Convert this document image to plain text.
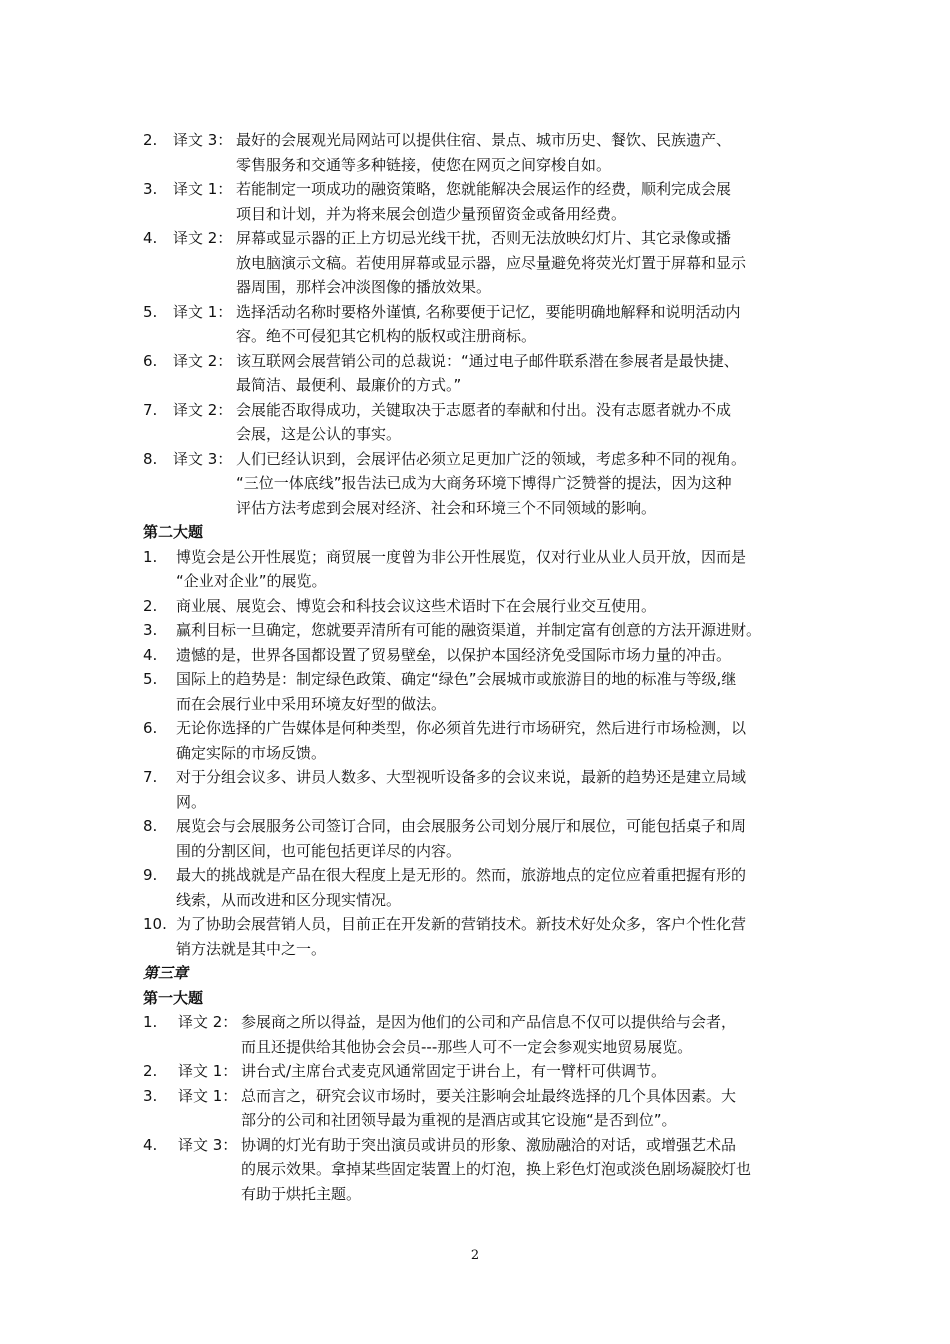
2. 译文 3： 最好的会展观光局网站可以提供住宿、景点、城市历史、餐饮、民族遗产、
零售服务和交通等多种链接，使您在网页之间穿梭自如。
3. 译文 1： 若能制定一项成功的融资策略，您就能解决会展运作的经费，顺利完成会展
项目和计划，并为将来展会创造少量预留资金或备用经费。
4. 译文 2： 屏幕或显示器的正上方切忌光线干扰，否则无法放映幻灯片、其它录像或播
放电脑演示文稿。若使用屏幕或显示器，应尽量避免将荧光灯置于屏幕和显示
器周围，那样会冲淡图像的播放效果。
5. 译文 1： 选择活动名称时要格外谨慎, 名称要便于记忆，要能明确地解释和说明活动内
容。绝不可侵犯其它机构的版权或注册商标。
6. 译文 2： 该互联网会展营销公司的总裁说：“通过电子邮件联系潜在参展者是最快捷、
最简洁、最便利、最廉价的方式。”
7. 译文 2： 会展能否取得成功，关键取决于志愿者的奉献和付出。没有志愿者就办不成
会展，这是公认的事实。
8. 译文 3： 人们已经认识到，会展评估必须立足更加广泛的领域，考虑多种不同的视角。
“三位一体底线”报告法已成为大商务环境下博得广泛赞誉的提法，因为这种
评估方法考虑到会展对经济、社会和环境三个不同领域的影响。
第二大题
1. 博览会是公开性展览；商贸展一度曾为非公开性展览，仅对行业从业人员开放，因而是
“企业对企业”的展览。
2. 商业展、展览会、博览会和科技会议这些术语时下在会展行业交互使用。
3. 赢利目标一旦确定，您就要弄清所有可能的融资渠道，并制定富有创意的方法开源进财。
4. 遗憾的是，世界各国都设置了贸易壁垒，以保护本国经济免受国际市场力量的冲击。
5. 国际上的趋势是：制定绿色政策、确定“绿色”会展城市或旅游目的地的标准与等级,继
而在会展行业中采用环境友好型的做法。
6. 无论你选择的广告媒体是何种类型，你必须首先进行市场研究，然后进行市场检测，以
确定实际的市场反馈。
7. 对于分组会议多、讲员人数多、大型视听设备多的会议来说，最新的趋势还是建立局域
网。
8. 展览会与会展服务公司签订合同，由会展服务公司划分展厅和展位，可能包括桌子和周
围的分割区间，也可能包括更详尽的内容。
9. 最大的挑战就是产品在很大程度上是无形的。然而，旅游地点的定位应着重把握有形的
线索，从而改进和区分现实情况。
10. 为了协助会展营销人员，目前正在开发新的营销技术。新技术好处众多，客户个性化营
销方法就是其中之一。
第三章
第一大题
1. 译文 2： 参展商之所以得益，是因为他们的公司和产品信息不仅可以提供给与会者，
而且还提供给其他协会会员---那些人可不一定会参观实地贸易展览。
2. 译文 1： 讲台式/主席台式麦克风通常固定于讲台上，有一臂杆可供调节。
3. 译文 1： 总而言之，研究会议市场时，要关注影响会址最终选择的几个具体因素。大
部分的公司和社团领导最为重视的是酒店或其它设施“是否到位”。
4. 译文 3： 协调的灯光有助于突出演员或讲员的形象、激励融洽的对话，或增强艺术品
的展示效果。拿掉某些固定装置上的灯泡，换上彩色灯泡或淡色剧场凝胶灯也
有助于烘托主题。
2
